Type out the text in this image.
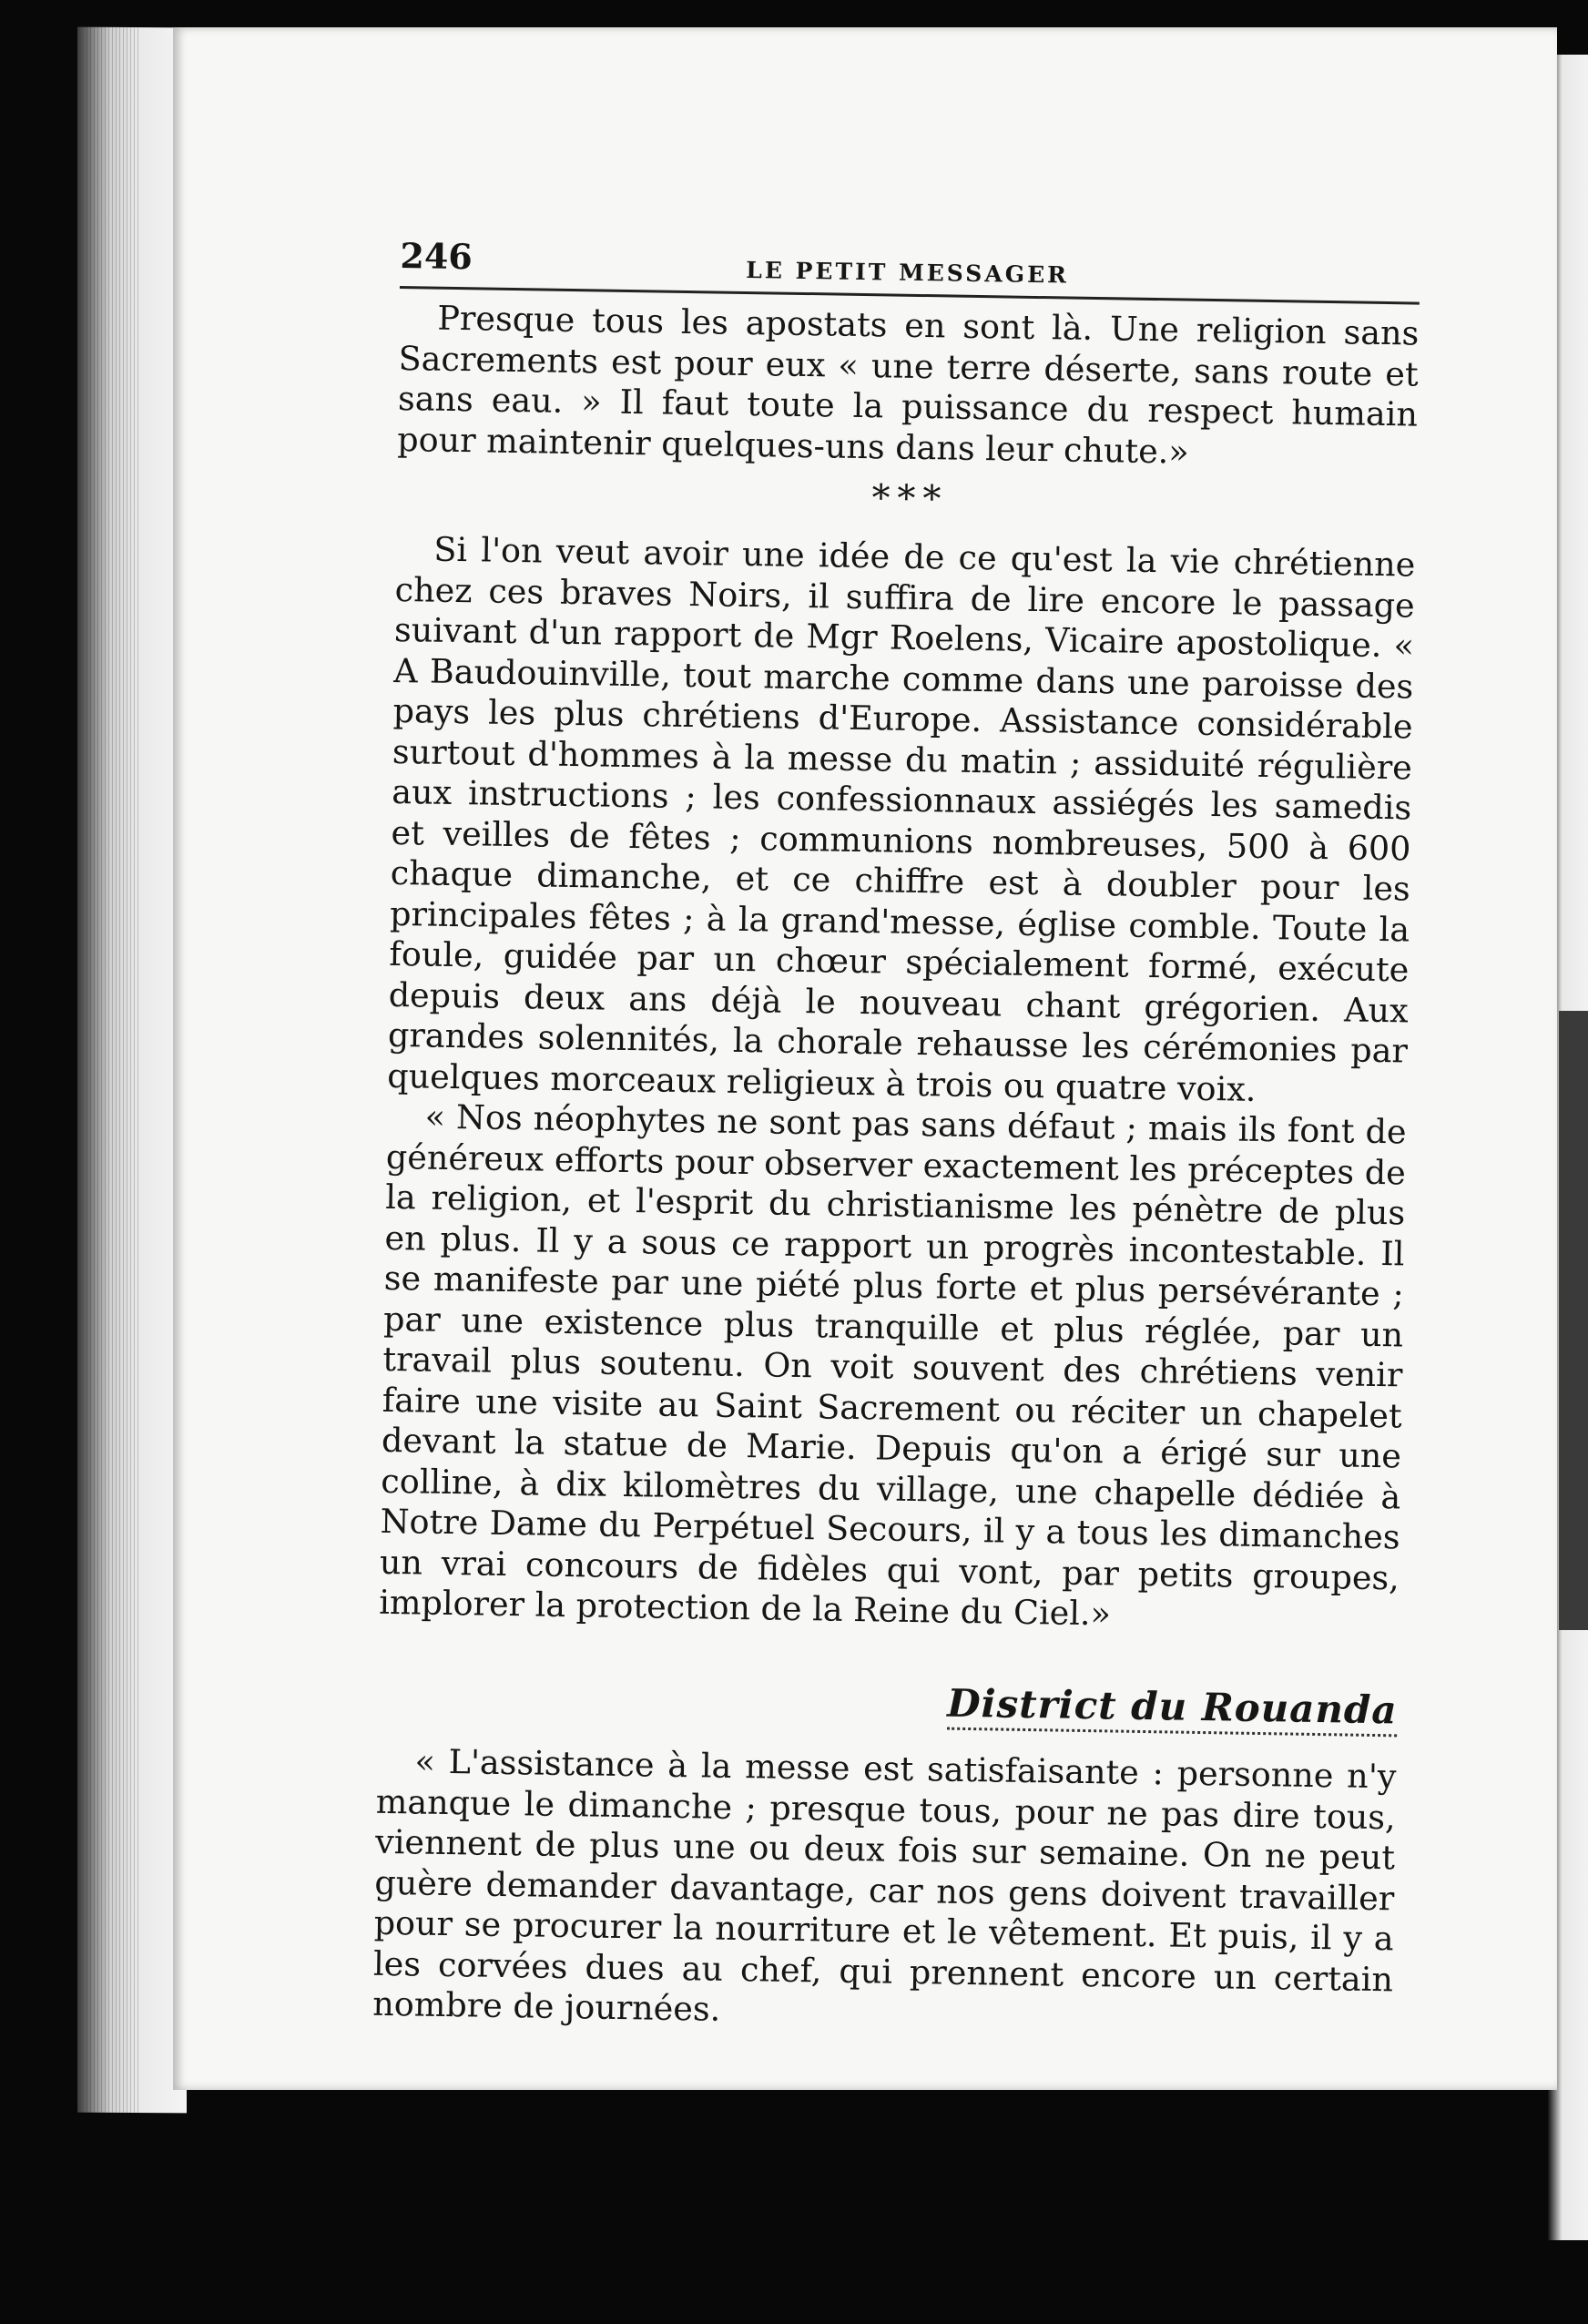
246	LE PETIT MESSAGER

Presque tous les apostats en sont là. Une religion sans Sacrements est pour eux « une terre déserte, sans route et sans eau. » Il faut toute la puissance du respect humain pour maintenir quelques-uns dans leur chute.»

* * *

Si l'on veut avoir une idée de ce qu'est la vie chrétienne chez ces braves Noirs, il suffira de lire encore le passage suivant d'un rapport de Mgr Roelens, Vicaire apostolique. « A Baudouinville, tout marche comme dans une paroisse des pays les plus chrétiens d'Europe. Assistance considérable surtout d'hommes à la messe du matin ; assiduité régulière aux instructions ; les confessionnaux assiégés les samedis et veilles de fêtes ; communions nombreuses, 500 à 600 chaque dimanche, et ce chiffre est à doubler pour les principales fêtes ; à la grand'messe, église comble. Toute la foule, guidée par un chœur spécialement formé, exécute depuis deux ans déjà le nouveau chant grégorien. Aux grandes solennités, la chorale rehausse les cérémonies par quelques morceaux religieux à trois ou quatre voix.

« Nos néophytes ne sont pas sans défaut ; mais ils font de généreux efforts pour observer exactement les préceptes de la religion, et l'esprit du christianisme les pénètre de plus en plus. Il y a sous ce rapport un progrès incontestable. Il se manifeste par une piété plus forte et plus persévérante ; par une existence plus tranquille et plus réglée, par un travail plus soutenu. On voit souvent des chrétiens venir faire une visite au Saint Sacrement ou réciter un chapelet devant la statue de Marie. Depuis qu'on a érigé sur une colline, à dix kilomètres du village, une chapelle dédiée à Notre Dame du Perpétuel Secours, il y a tous les dimanches un vrai concours de fidèles qui vont, par petits groupes, implorer la protection de la Reine du Ciel.»

District du Rouanda

« L'assistance à la messe est satisfaisante : personne n'y manque le dimanche ; presque tous, pour ne pas dire tous, viennent de plus une ou deux fois sur semaine. On ne peut guère demander davantage, car nos gens doivent travailler pour se procurer la nourriture et le vêtement. Et puis, il y a les corvées dues au chef, qui prennent encore un certain nombre de journées.
